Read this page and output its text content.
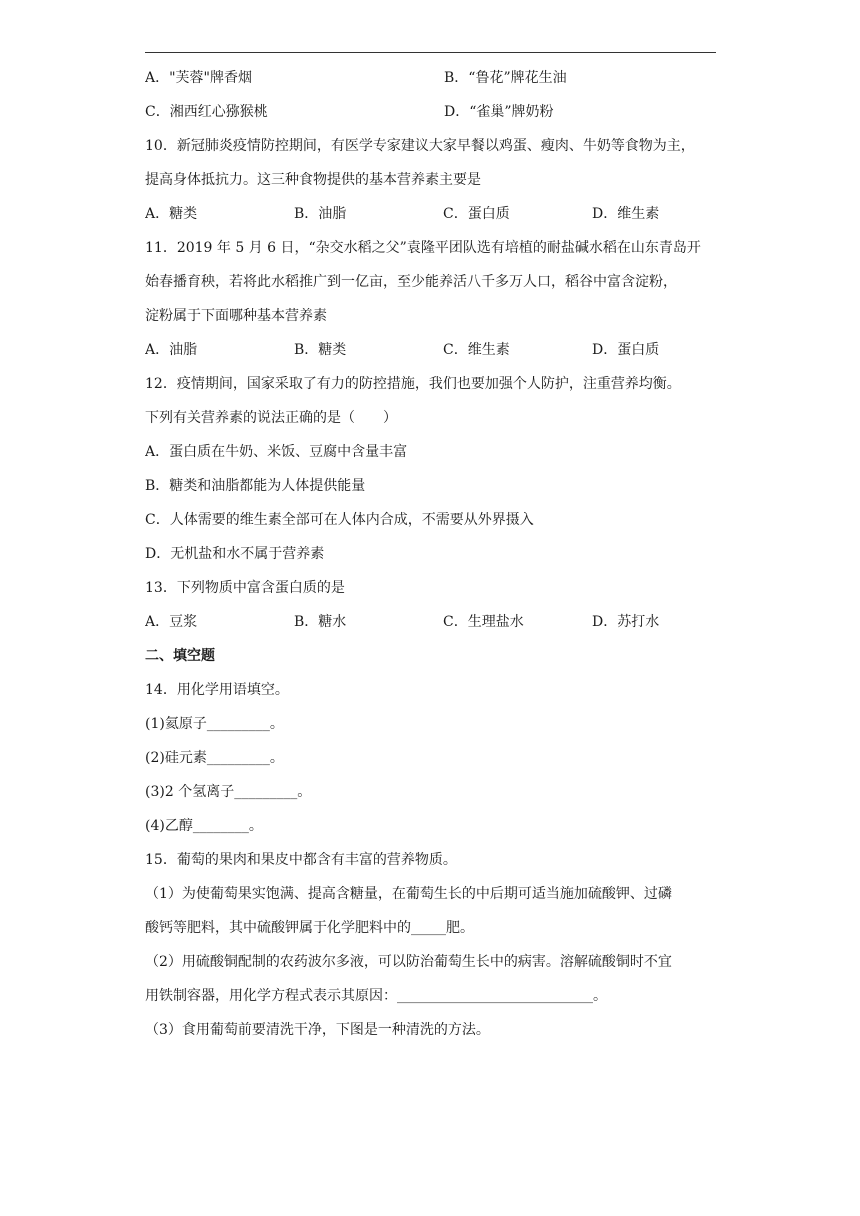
A．"芙蓉"牌香烟	B．“鲁花”牌花生油
C．湘西红心猕猴桃	D．“雀巢”牌奶粉
10．新冠肺炎疫情防控期间，有医学专家建议大家早餐以鸡蛋、瘦肉、牛奶等食物为主，
提高身体抵抗力。这三种食物提供的基本营养素主要是
A．糖类	B．油脂	C．蛋白质	D．维生素
11．2019 年 5 月 6 日，“杂交水稻之父”袁隆平团队选有培植的耐盐碱水稻在山东青岛开
始春播育秧，若将此水稻推广到一亿亩，至少能养活八千多万人口，稻谷中富含淀粉，
淀粉属于下面哪种基本营养素
A．油脂	B．糖类	C．维生素	D．蛋白质
12．疫情期间，国家采取了有力的防控措施，我们也要加强个人防护，注重营养均衡。
下列有关营养素的说法正确的是（　　）
A．蛋白质在牛奶、米饭、豆腐中含量丰富
B．糖类和油脂都能为人体提供能量
C．人体需要的维生素全部可在人体内合成，不需要从外界摄入
D．无机盐和水不属于营养素
13．下列物质中富含蛋白质的是
A．豆浆	B．糖水	C．生理盐水	D．苏打水
二、填空题
14．用化学用语填空。
(1)氦原子_________。
(2)硅元素_________。
(3)2 个氢离子_________。
(4)乙醇________。
15．葡萄的果肉和果皮中都含有丰富的营养物质。
（1）为使葡萄果实饱满、提高含糖量，在葡萄生长的中后期可适当施加硫酸钾、过磷
酸钙等肥料，其中硫酸钾属于化学肥料中的_____肥。
（2）用硫酸铜配制的农药波尔多液，可以防治葡萄生长中的病害。溶解硫酸铜时不宜
用铁制容器，用化学方程式表示其原因：____________________________。
（3）食用葡萄前要清洗干净，下图是一种清洗的方法。
